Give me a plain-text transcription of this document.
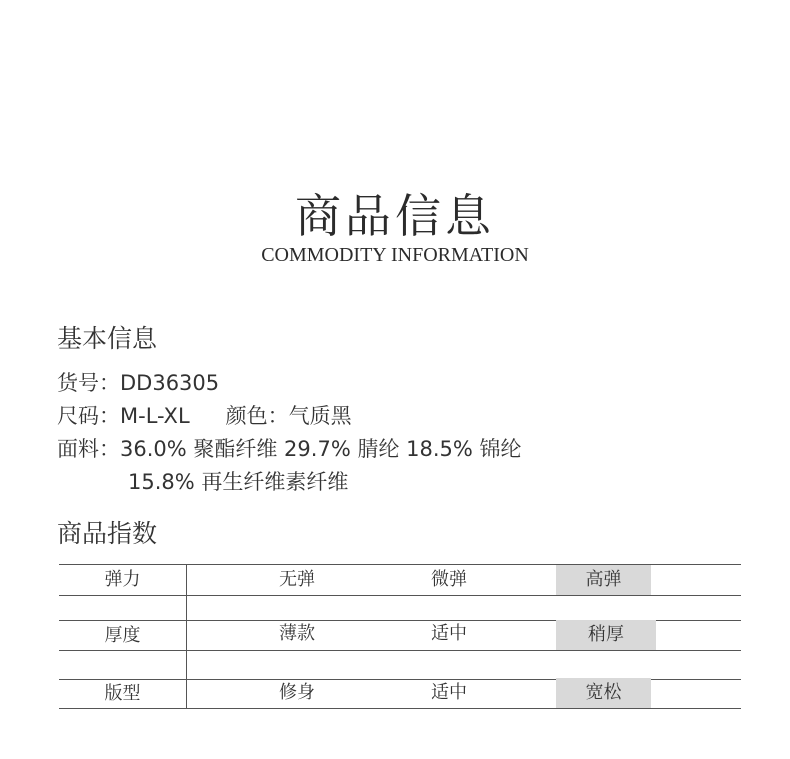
商品信息
COMMODITY INFORMATION
基本信息
货号：DD36305
尺码：M-L-XL 颜色：气质黑
面料：36.0% 聚酯纤维 29.7% 腈纶 18.5% 锦纶
15.8% 再生纤维素纤维
商品指数
弹力	无弹	微弹	高弹
厚度	薄款	适中	稍厚
版型	修身	适中	宽松
